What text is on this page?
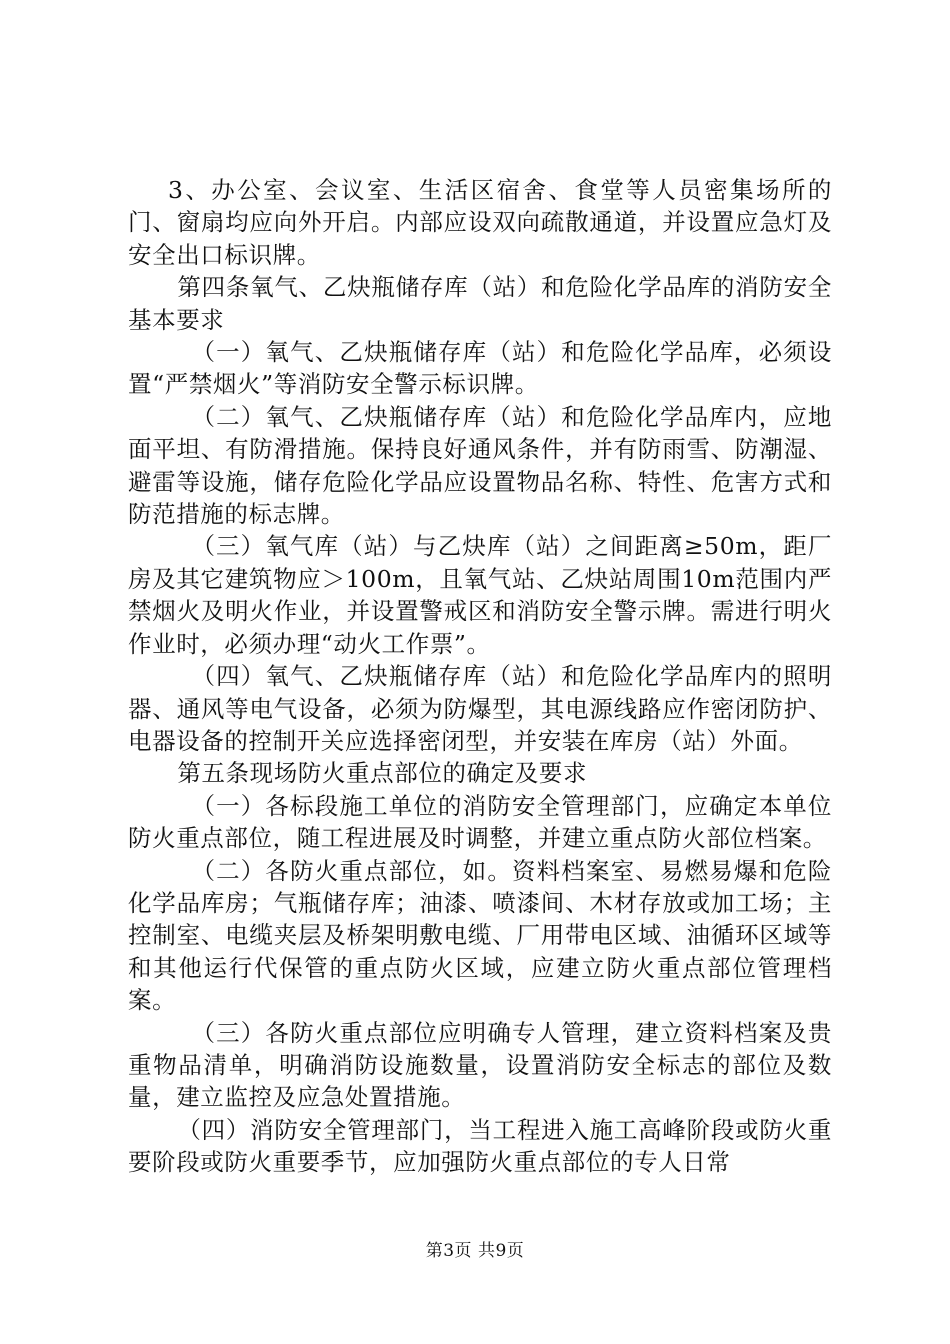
3、办公室、会议室、生活区宿舍、食堂等人员密集场所的门、窗扇均应向外开启。内部应设双向疏散通道，并设置应急灯及安全出口标识牌。

第四条氧气、乙炔瓶储存库（站）和危险化学品库的消防安全基本要求

（一）氧气、乙炔瓶储存库（站）和危险化学品库，必须设置“严禁烟火”等消防安全警示标识牌。

（二）氧气、乙炔瓶储存库（站）和危险化学品库内，应地面平坦、有防滑措施。保持良好通风条件，并有防雨雪、防潮湿、避雷等设施，储存危险化学品应设置物品名称、特性、危害方式和防范措施的标志牌。

（三）氧气库（站）与乙炔库（站）之间距离≥50m，距厂房及其它建筑物应＞100m，且氧气站、乙炔站周围10m范围内严禁烟火及明火作业，并设置警戒区和消防安全警示牌。需进行明火作业时，必须办理“动火工作票”。

（四）氧气、乙炔瓶储存库（站）和危险化学品库内的照明器、通风等电气设备，必须为防爆型，其电源线路应作密闭防护、电器设备的控制开关应选择密闭型，并安装在库房（站）外面。

第五条现场防火重点部位的确定及要求

（一）各标段施工单位的消防安全管理部门，应确定本单位防火重点部位，随工程进展及时调整，并建立重点防火部位档案。

（二）各防火重点部位，如。资料档案室、易燃易爆和危险化学品库房；气瓶储存库；油漆、喷漆间、木材存放或加工场；主控制室、电缆夹层及桥架明敷电缆、厂用带电区域、油循环区域等和其他运行代保管的重点防火区域，应建立防火重点部位管理档案。

（三）各防火重点部位应明确专人管理，建立资料档案及贵重物品清单，明确消防设施数量，设置消防安全标志的部位及数量，建立监控及应急处置措施。

（四）消防安全管理部门，当工程进入施工高峰阶段或防火重要阶段或防火重要季节，应加强防火重点部位的专人日常

第3页 共9页
